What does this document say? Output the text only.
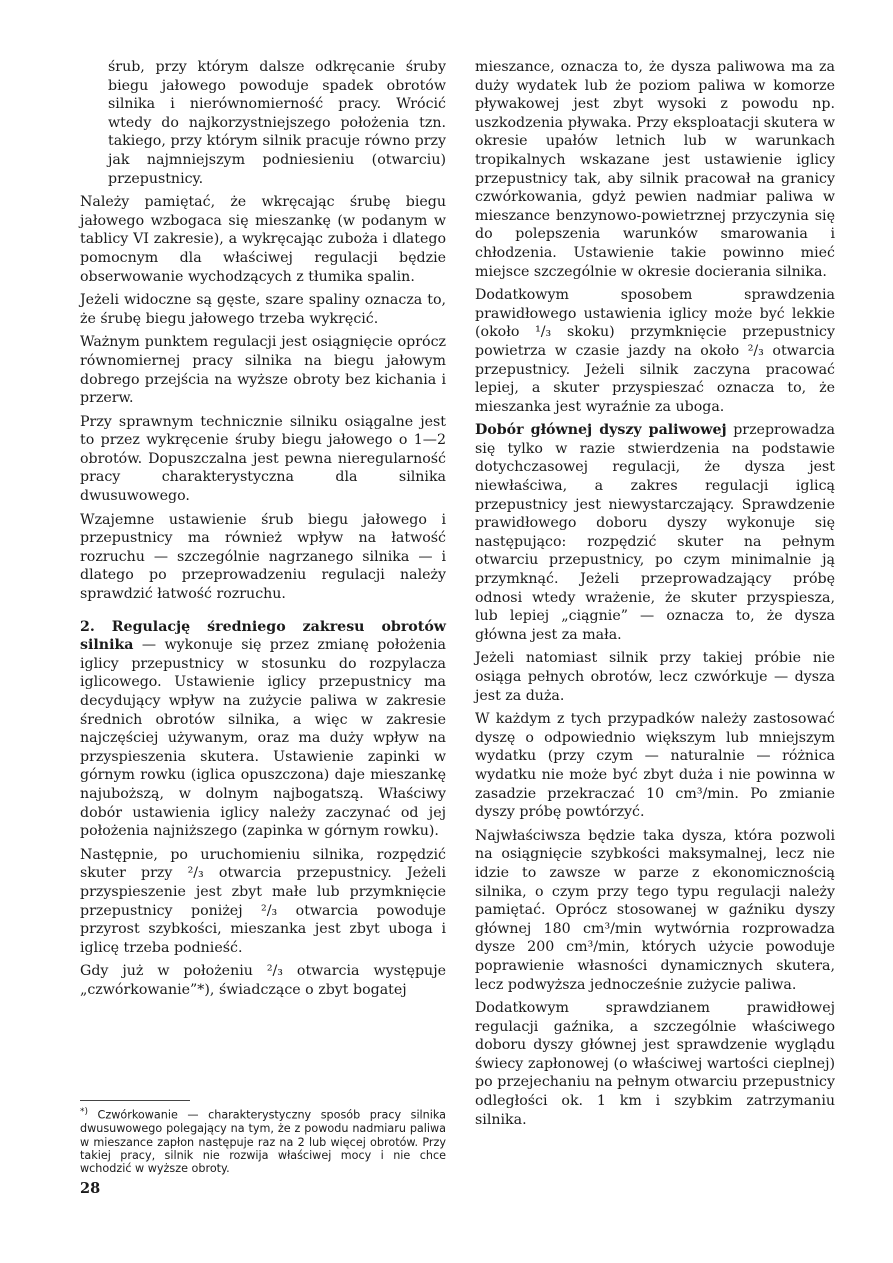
śrub, przy którym dalsze odkręcanie śruby biegu jałowego powoduje spadek obrotów silnika i nierównomierność pracy. Wrócić wtedy do najkorzystniejszego położenia tzn. takiego, przy którym silnik pracuje równo przy jak najmniejszym podniesieniu (otwarciu) przepustnicy.

Należy pamiętać, że wkręcając śrubę biegu jałowego wzbogaca się mieszankę (w podanym w tablicy VI zakresie), a wykręcając zuboża i dlatego pomocnym dla właściwej regulacji będzie obserwowanie wychodzących z tłumika spalin.

Jeżeli widoczne są gęste, szare spaliny oznacza to, że śrubę biegu jałowego trzeba wykręcić.

Ważnym punktem regulacji jest osiągnięcie oprócz równomiernej pracy silnika na biegu jałowym dobrego przejścia na wyższe obroty bez kichania i przerw.

Przy sprawnym technicznie silniku osiągalne jest to przez wykręcenie śruby biegu jałowego o 1—2 obrotów. Dopuszczalna jest pewna nieregularność pracy charakterystyczna dla silnika dwusuwowego.

Wzajemne ustawienie śrub biegu jałowego i przepustnicy ma również wpływ na łatwość rozruchu — szczególnie nagrzanego silnika — i dlatego po przeprowadzeniu regulacji należy sprawdzić łatwość rozruchu.

2. Regulację średniego zakresu obrotów silnika — wykonuje się przez zmianę położenia iglicy przepustnicy w stosunku do rozpylacza iglicowego. Ustawienie iglicy przepustnicy ma decydujący wpływ na zużycie paliwa w zakresie średnich obrotów silnika, a więc w zakresie najczęściej używanym, oraz ma duży wpływ na przyspieszenia skutera. Ustawienie zapinki w górnym rowku (iglica opuszczona) daje mieszankę najuboższą, w dolnym najbogatszą. Właściwy dobór ustawienia iglicy należy zaczynać od jej położenia najniższego (zapinka w górnym rowku).

Następnie, po uruchomieniu silnika, rozpędzić skuter przy ²/₃ otwarcia przepustnicy. Jeżeli przyspieszenie jest zbyt małe lub przymknięcie przepustnicy poniżej ²/₃ otwarcia powoduje przyrost szybkości, mieszanka jest zbyt uboga i iglicę trzeba podnieść.

Gdy już w położeniu ²/₃ otwarcia występuje „czwórkowanie”*), świadczące o zbyt bogatej

*) Czwórkowanie — charakterystyczny sposób pracy silnika dwusuwowego polegający na tym, że z powodu nadmiaru paliwa w mieszance zapłon następuje raz na 2 lub więcej obrotów. Przy takiej pracy, silnik nie rozwija właściwej mocy i nie chce wchodzić w wyższe obroty.
28

mieszance, oznacza to, że dysza paliwowa ma za duży wydatek lub że poziom paliwa w komorze pływakowej jest zbyt wysoki z powodu np. uszkodzenia pływaka. Przy eksploatacji skutera w okresie upałów letnich lub w warunkach tropikalnych wskazane jest ustawienie iglicy przepustnicy tak, aby silnik pracował na granicy czwórkowania, gdyż pewien nadmiar paliwa w mieszance benzynowo-powietrznej przyczynia się do polepszenia warunków smarowania i chłodzenia. Ustawienie takie powinno mieć miejsce szczególnie w okresie docierania silnika.

Dodatkowym sposobem sprawdzenia prawidłowego ustawienia iglicy może być lekkie (około ¹/₃ skoku) przymknięcie przepustnicy powietrza w czasie jazdy na około ²/₃ otwarcia przepustnicy. Jeżeli silnik zaczyna pracować lepiej, a skuter przyspieszać oznacza to, że mieszanka jest wyraźnie za uboga.

Dobór głównej dyszy paliwowej przeprowadza się tylko w razie stwierdzenia na podstawie dotychczasowej regulacji, że dysza jest niewłaściwa, a zakres regulacji iglicą przepustnicy jest niewystarczający. Sprawdzenie prawidłowego doboru dyszy wykonuje się następująco: rozpędzić skuter na pełnym otwarciu przepustnicy, po czym minimalnie ją przymknąć. Jeżeli przeprowadzający próbę odnosi wtedy wrażenie, że skuter przyspiesza, lub lepiej „ciągnie” — oznacza to, że dysza główna jest za mała.

Jeżeli natomiast silnik przy takiej próbie nie osiąga pełnych obrotów, lecz czwórkuje — dysza jest za duża.

W każdym z tych przypadków należy zastosować dyszę o odpowiednio większym lub mniejszym wydatku (przy czym — naturalnie — różnica wydatku nie może być zbyt duża i nie powinna w zasadzie przekraczać 10 cm³/min. Po zmianie dyszy próbę powtórzyć.

Najwłaściwsza będzie taka dysza, która pozwoli na osiągnięcie szybkości maksymalnej, lecz nie idzie to zawsze w parze z ekonomicznością silnika, o czym przy tego typu regulacji należy pamiętać. Oprócz stosowanej w gaźniku dyszy głównej 180 cm³/min wytwórnia rozprowadza dysze 200 cm³/min, których użycie powoduje poprawienie własności dynamicznych skutera, lecz podwyższa jednocześnie zużycie paliwa.

Dodatkowym sprawdzianem prawidłowej regulacji gaźnika, a szczególnie właściwego doboru dyszy głównej jest sprawdzenie wyglądu świecy zapłonowej (o właściwej wartości cieplnej) po przejechaniu na pełnym otwarciu przepustnicy odległości ok. 1 km i szybkim zatrzymaniu silnika.
